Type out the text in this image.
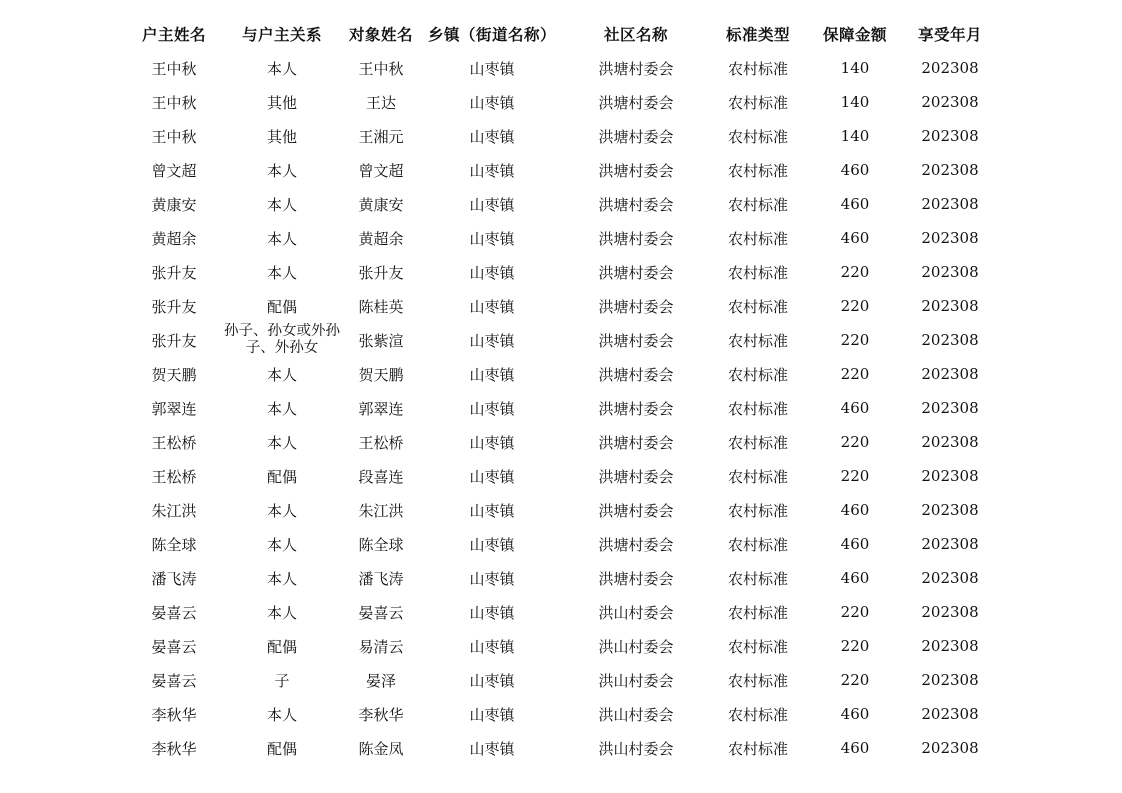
户主姓名	与户主关系	对象姓名	乡镇（街道名称）	社区名称	标准类型	保障金额	享受年月
王中秋	本人	王中秋	山枣镇	洪塘村委会	农村标准	140	202308
王中秋	其他	王达	山枣镇	洪塘村委会	农村标准	140	202308
王中秋	其他	王湘元	山枣镇	洪塘村委会	农村标准	140	202308
曾文超	本人	曾文超	山枣镇	洪塘村委会	农村标准	460	202308
黄康安	本人	黄康安	山枣镇	洪塘村委会	农村标准	460	202308
黄超余	本人	黄超余	山枣镇	洪塘村委会	农村标准	460	202308
张升友	本人	张升友	山枣镇	洪塘村委会	农村标准	220	202308
张升友	配偶	陈桂英	山枣镇	洪塘村委会	农村标准	220	202308
张升友	孙子、孙女或外孙子、外孙女	张紫渲	山枣镇	洪塘村委会	农村标准	220	202308
贺天鹏	本人	贺天鹏	山枣镇	洪塘村委会	农村标准	220	202308
郭翠连	本人	郭翠连	山枣镇	洪塘村委会	农村标准	460	202308
王松桥	本人	王松桥	山枣镇	洪塘村委会	农村标准	220	202308
王松桥	配偶	段喜连	山枣镇	洪塘村委会	农村标准	220	202308
朱江洪	本人	朱江洪	山枣镇	洪塘村委会	农村标准	460	202308
陈全球	本人	陈全球	山枣镇	洪塘村委会	农村标准	460	202308
潘飞涛	本人	潘飞涛	山枣镇	洪塘村委会	农村标准	460	202308
晏喜云	本人	晏喜云	山枣镇	洪山村委会	农村标准	220	202308
晏喜云	配偶	易清云	山枣镇	洪山村委会	农村标准	220	202308
晏喜云	子	晏泽	山枣镇	洪山村委会	农村标准	220	202308
李秋华	本人	李秋华	山枣镇	洪山村委会	农村标准	460	202308
李秋华	配偶	陈金凤	山枣镇	洪山村委会	农村标准	460	202308
